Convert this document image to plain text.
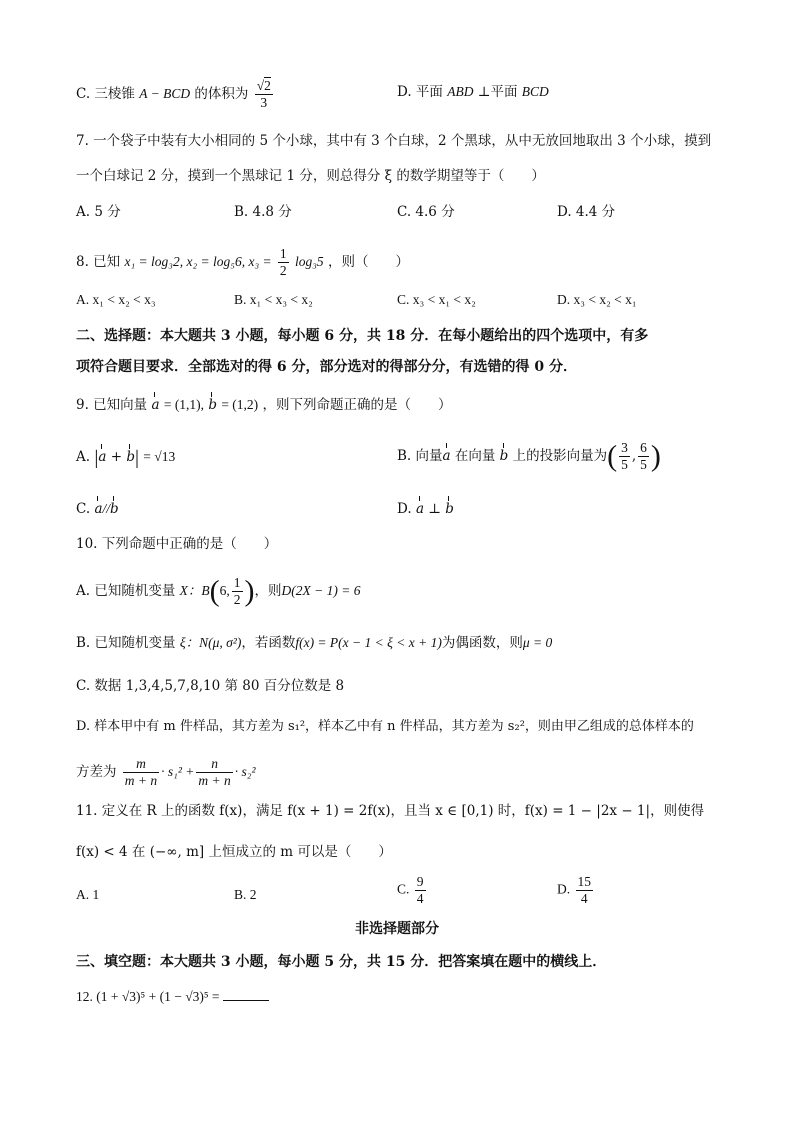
C. 三棱锥 A − BCD 的体积为 $\frac{√2}{3}$	D. 平面 ABD ⊥平面 BCD
7. 一个袋子中装有大小相同的 5 个小球，其中有 3 个白球，2 个黑球，从中无放回地取出 3 个小球，摸到
一个白球记 2 分，摸到一个黑球记 1 分，则总得分 ξ 的数学期望等于（　　）
A. 5 分	B. 4.8 分	C. 4.6 分	D. 4.4 分
8. 已知 x₁ = log₃2, x₂ = log₅6, $x_3 = \frac{1}{2} \log_35$ ，则（　　）
A. x₁ < x₂ < x₃	B. x₁ < x₃ < x₂	C. x₃ < x₁ < x₂	D. x₃ < x₂ < x₁
二、选择题：本大题共 3 小题，每小题 6 分，共 18 分．在每小题给出的四个选项中，有多
项符合题目要求．全部选对的得 6 分，部分选对的得部分分，有选错的得 0 分．
9. 已知向量 a = (1,1), b = (1,2) ，则下列命题正确的是（　　）
A. |a + b| = √13	B. 向量a 在向量 b 上的投影向量为( $\frac{3}{5}$ , $\frac{6}{5}$ )
C. a//b	D. a ⊥ b
10. 下列命题中正确的是（　　）
A. 已知随机变量 X：B(6, $\frac{1}{2}$ )，则D(2X − 1) = 6
B. 已知随机变量 ξ：N(μ, σ²)，若函数f(x) = P(x − 1 < ξ < x + 1)为偶函数，则μ = 0
C. 数据 1,3,4,5,7,8,10 第 80 百分位数是 8
D. 样本甲中有 m 件样品，其方差为 s₁²，样本乙中有 n 件样品，其方差为 s₂²，则由甲乙组成的总体样本的
方差为 $\frac{m}{m + n} \cdot s_1^2 + \frac{n}{m + n} \cdot s_2^2$
11. 定义在 R 上的函数 f(x)，满足 f(x + 1) = 2f(x)，且当 x ∈ [0,1) 时，f(x) = 1 − |2x − 1|，则使得
f(x) < 4 在 (−∞, m] 上恒成立的 m 可以是（　　）
A. 1	B. 2	C. $\frac{9}{4}$	D. $\frac{15}{4}$
非选择题部分
三、填空题：本大题共 3 小题，每小题 5 分，共 15 分．把答案填在题中的横线上．
12. (1 + √3)⁵ + (1 − √3)⁵ =
